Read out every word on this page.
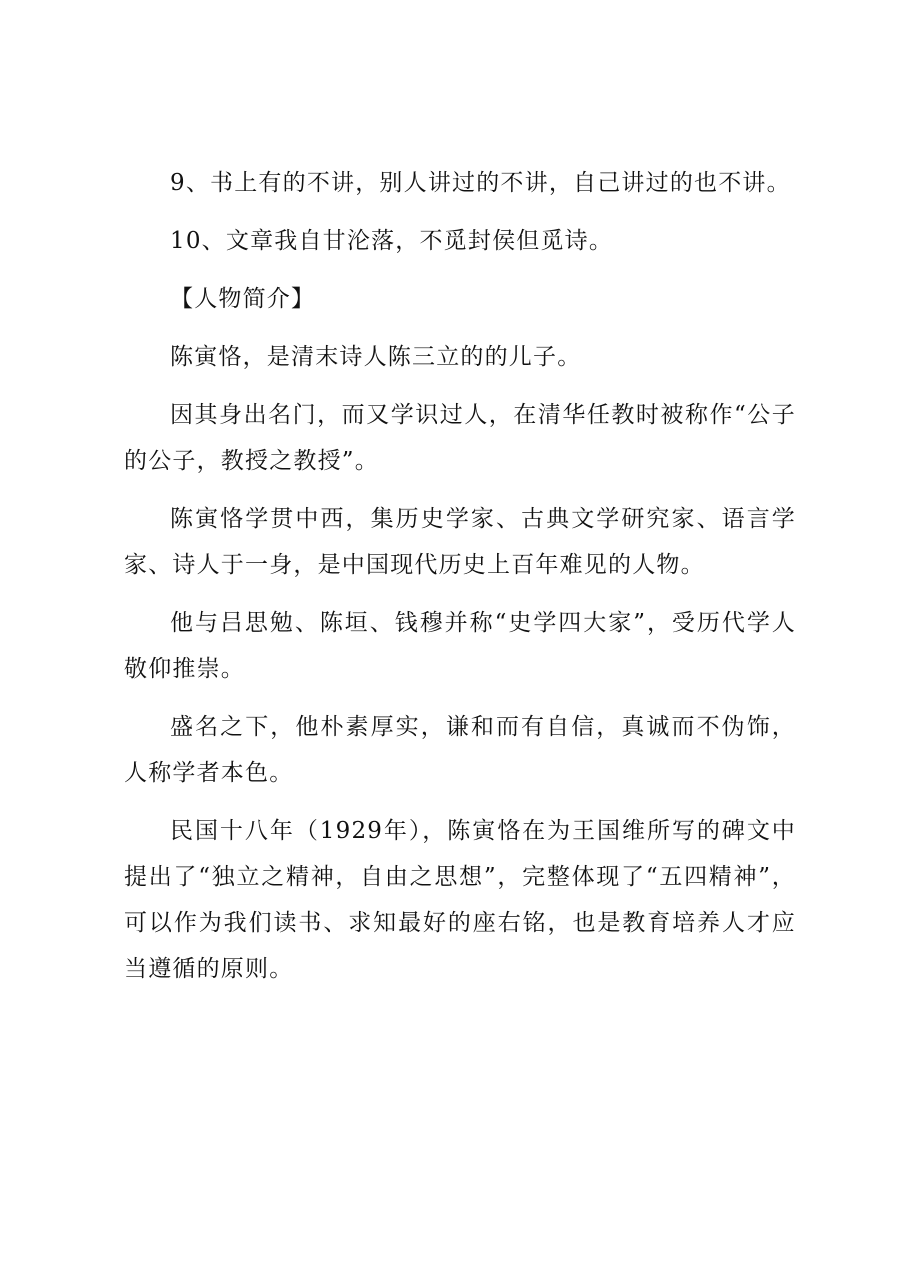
9、书上有的不讲，别人讲过的不讲，自己讲过的也不讲。

10、文章我自甘沦落，不觅封侯但觅诗。

【人物简介】

陈寅恪，是清末诗人陈三立的的儿子。

因其身出名门，而又学识过人，在清华任教时被称作“公子的公子，教授之教授”。

陈寅恪学贯中西，集历史学家、古典文学研究家、语言学家、诗人于一身，是中国现代历史上百年难见的人物。

他与吕思勉、陈垣、钱穆并称“史学四大家”，受历代学人敬仰推崇。

盛名之下，他朴素厚实，谦和而有自信，真诚而不伪饰，人称学者本色。

民国十八年（1929年），陈寅恪在为王国维所写的碑文中提出了“独立之精神，自由之思想”，完整体现了“五四精神”，可以作为我们读书、求知最好的座右铭，也是教育培养人才应当遵循的原则。
